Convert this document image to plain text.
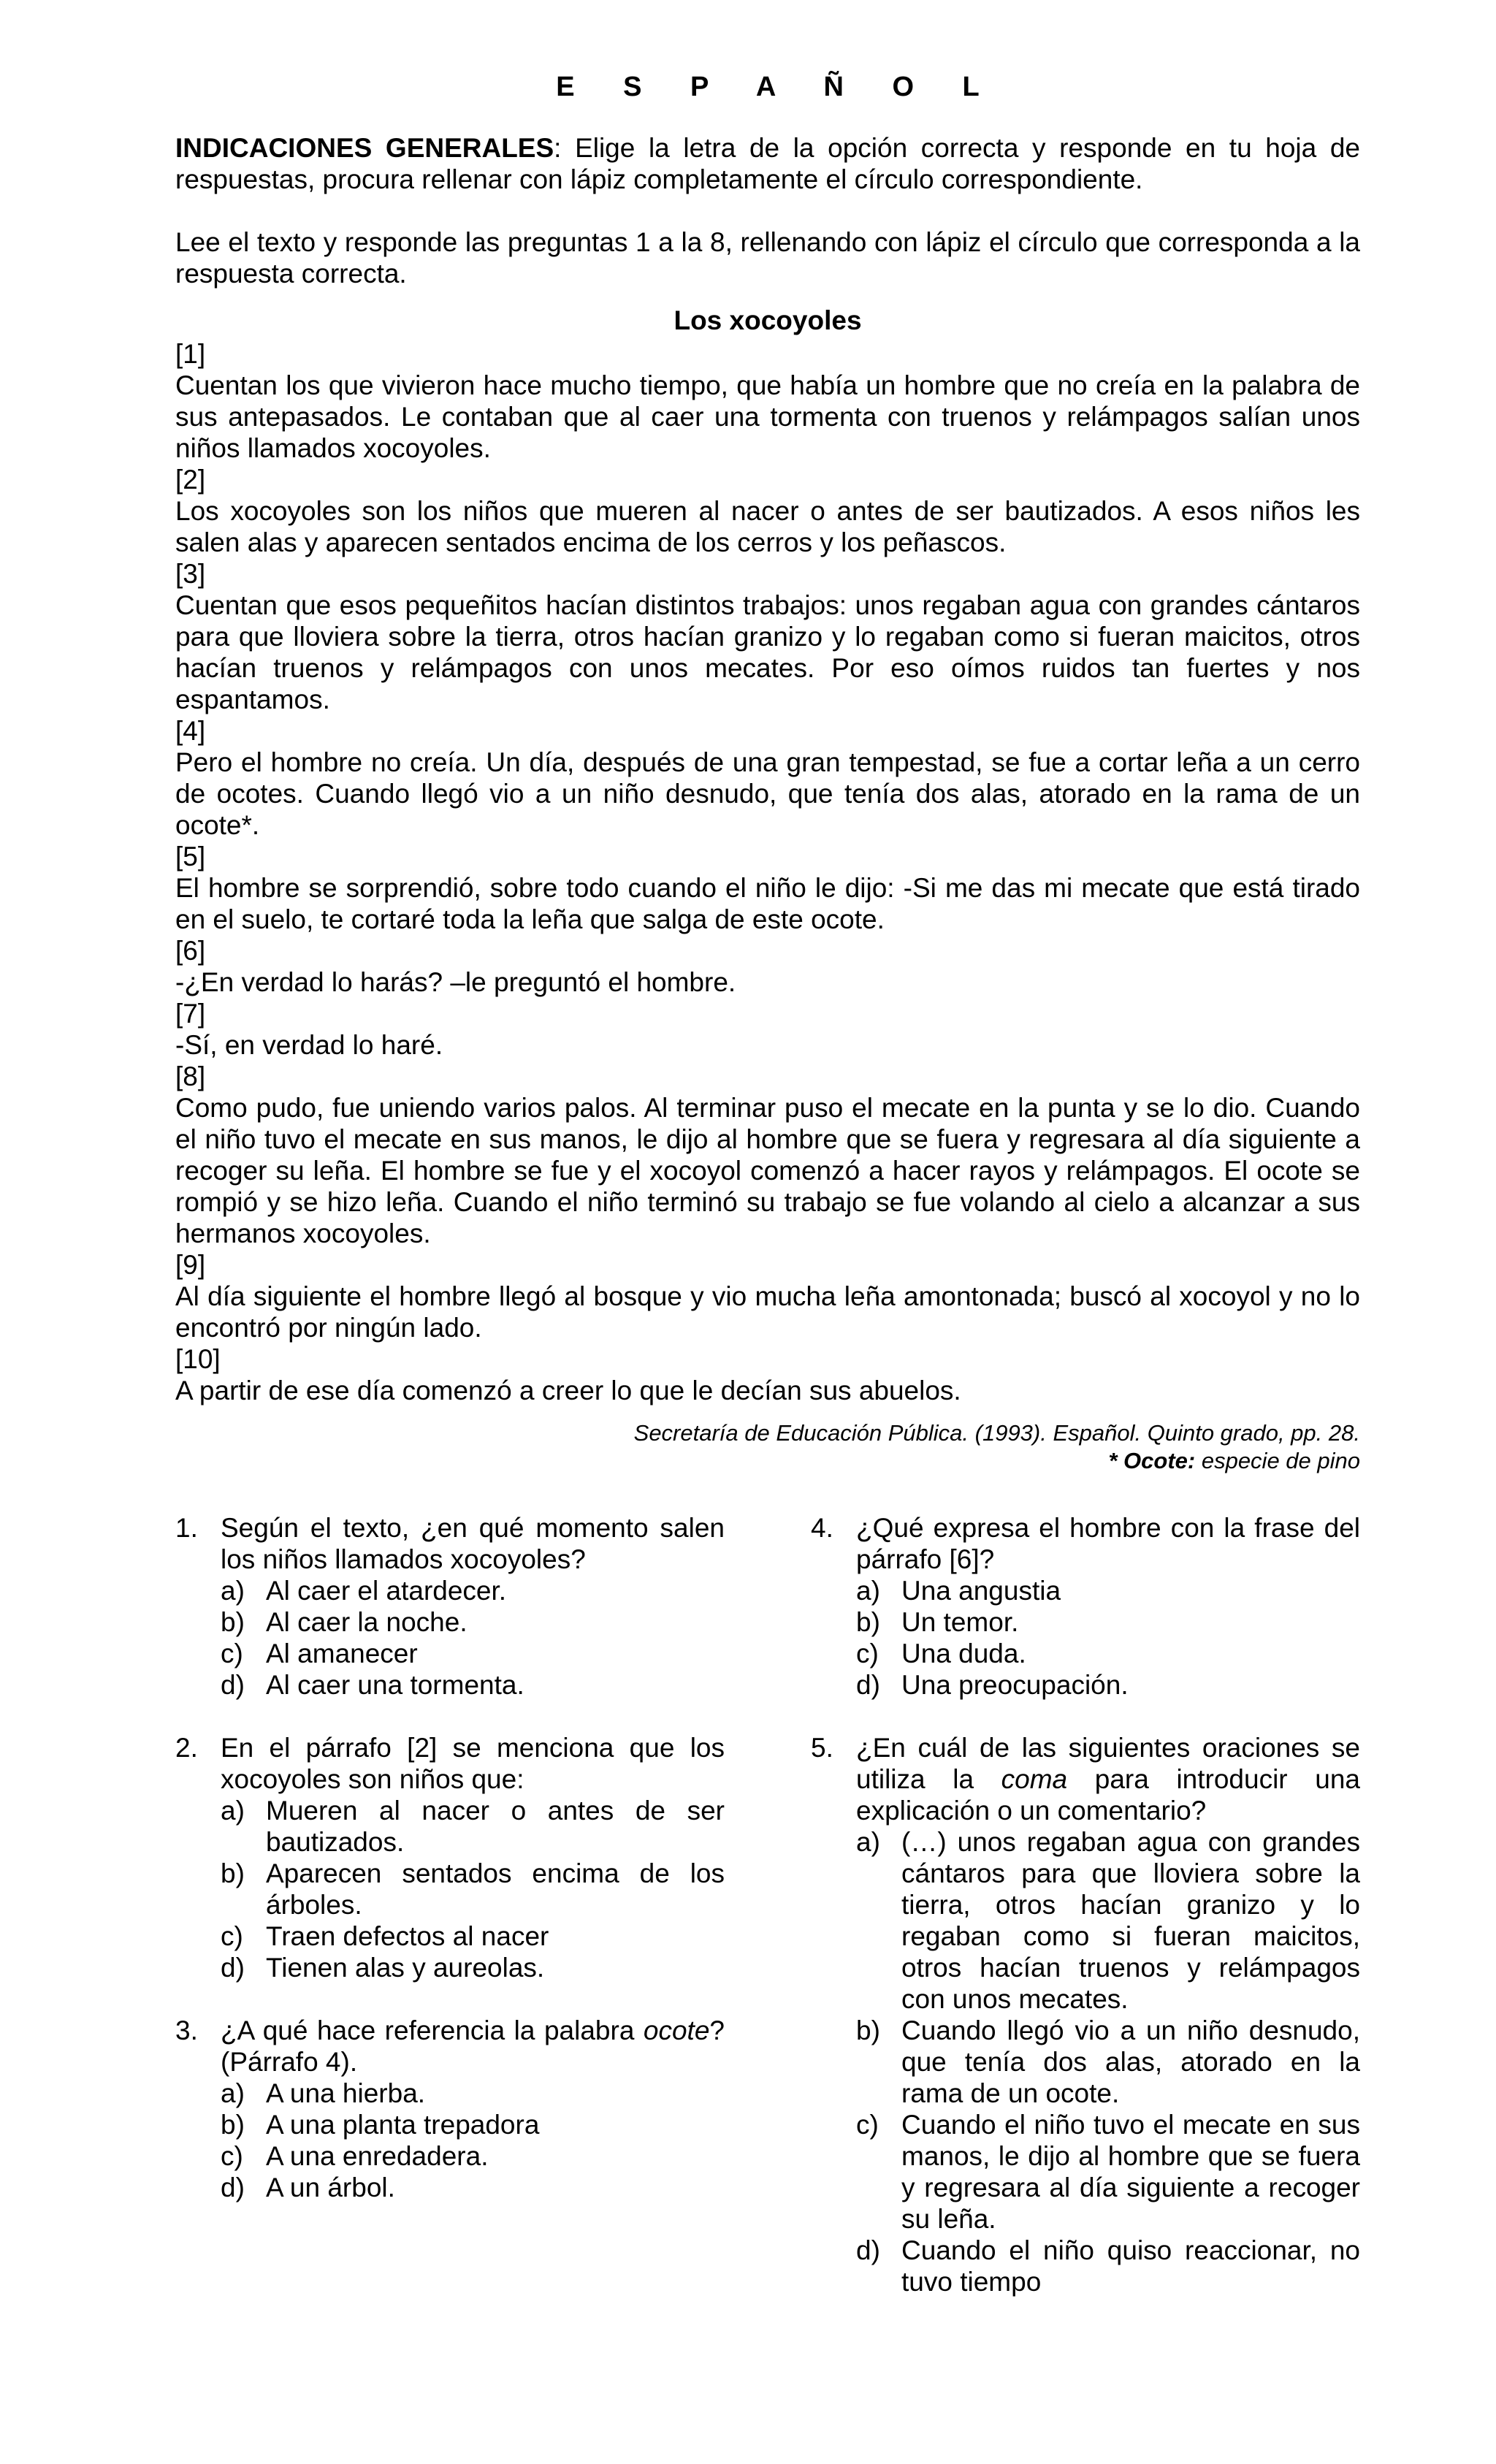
E S P A Ñ O L

INDICACIONES GENERALES: Elige la letra de la opción correcta y responde en tu hoja de respuestas, procura rellenar con lápiz completamente el círculo correspondiente.

Lee el texto y responde las preguntas 1 a la 8, rellenando con lápiz el círculo que corresponda a la respuesta correcta.

Los xocoyoles
[1]

Cuentan los que vivieron hace mucho tiempo, que había un hombre que no creía en la palabra de sus antepasados. Le contaban que al caer una tormenta con truenos y relámpagos salían unos niños llamados xocoyoles.

[2]

Los xocoyoles son los niños que mueren al nacer o antes de ser bautizados. A esos niños les salen alas y aparecen sentados encima de los cerros y los peñascos.

[3]

Cuentan que esos pequeñitos hacían distintos trabajos: unos regaban agua con grandes cántaros para que lloviera sobre la tierra, otros hacían granizo y lo regaban como si fueran maicitos, otros hacían truenos y relámpagos con unos mecates. Por eso oímos ruidos tan fuertes y nos espantamos.

[4]

Pero el hombre no creía. Un día, después de una gran tempestad, se fue a cortar leña a un cerro de ocotes. Cuando llegó vio a un niño desnudo, que tenía dos alas, atorado en la rama de un ocote*.

[5]

El hombre se sorprendió, sobre todo cuando el niño le dijo: -Si me das mi mecate que está tirado en el suelo, te cortaré toda la leña que salga de este ocote.

[6]

-¿En verdad lo harás? –le preguntó el hombre.

[7]

-Sí, en verdad lo haré.

[8]

Como pudo, fue uniendo varios palos. Al terminar puso el mecate en la punta y se lo dio. Cuando el niño tuvo el mecate en sus manos, le dijo al hombre que se fuera y regresara al día siguiente a recoger su leña. El hombre se fue y el xocoyol comenzó a hacer rayos y relámpagos. El ocote se rompió y se hizo leña. Cuando el niño terminó su trabajo se fue volando al cielo a alcanzar a sus hermanos xocoyoles.

[9]

Al día siguiente el hombre llegó al bosque y vio mucha leña amontonada; buscó al xocoyol y no lo encontró por ningún lado.

[10]

A partir de ese día comenzó a creer lo que le decían sus abuelos.

Secretaría de Educación Pública. (1993). Español. Quinto grado, pp. 28.
* Ocote: especie de pino
1. Según el texto, ¿en qué momento salen los niños llamados xocoyoles?
a) Al caer el atardecer.
b) Al caer la noche.
c) Al amanecer
d) Al caer una tormenta.
2. En el párrafo [2] se menciona que los xocoyoles son niños que:
a) Mueren al nacer o antes de ser bautizados.
b) Aparecen sentados encima de los árboles.
c) Traen defectos al nacer
d) Tienen alas y aureolas.
3. ¿A qué hace referencia la palabra ocote? (Párrafo 4).
a) A una hierba.
b) A una planta trepadora
c) A una enredadera.
d) A un árbol.
4. ¿Qué expresa el hombre con la frase del párrafo [6]?
a) Una angustia
b) Un temor.
c) Una duda.
d) Una preocupación.
5. ¿En cuál de las siguientes oraciones se utiliza la coma para introducir una explicación o un comentario?
a) (…) unos regaban agua con grandes cántaros para que lloviera sobre la tierra, otros hacían granizo y lo regaban como si fueran maicitos, otros hacían truenos y relámpagos con unos mecates.
b) Cuando llegó vio a un niño desnudo, que tenía dos alas, atorado en la rama de un ocote.
c) Cuando el niño tuvo el mecate en sus manos, le dijo al hombre que se fuera y regresara al día siguiente a recoger su leña.
d) Cuando el niño quiso reaccionar, no tuvo tiempo
